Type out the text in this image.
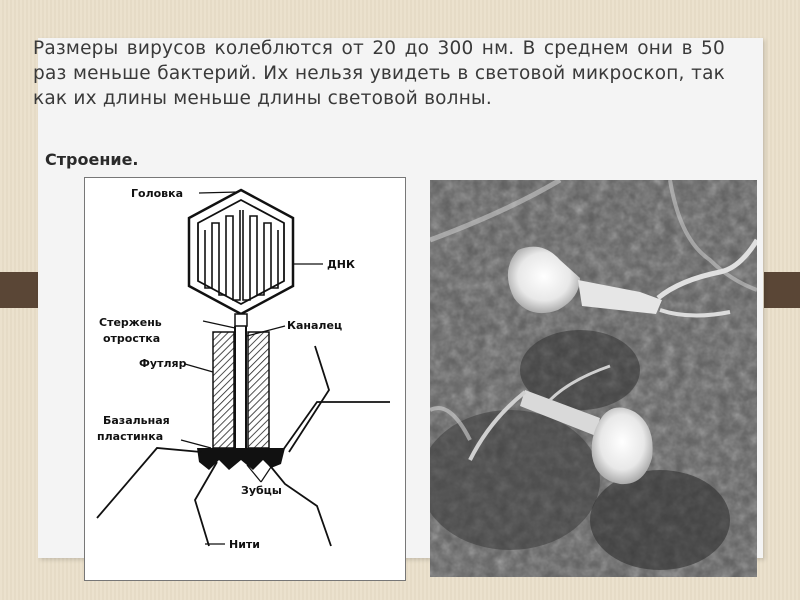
Размеры вирусов колеблются от 20 до 300 нм. В среднем они в 50 раз меньше бактерий. Их нельзя увидеть в световой микроскоп, так как их длины меньше длины световой волны.

Строение.

Головка
ДНК
Стержень
отростка
Каналец
Футляр
Базальная
пластинка
Зубцы
Нити
